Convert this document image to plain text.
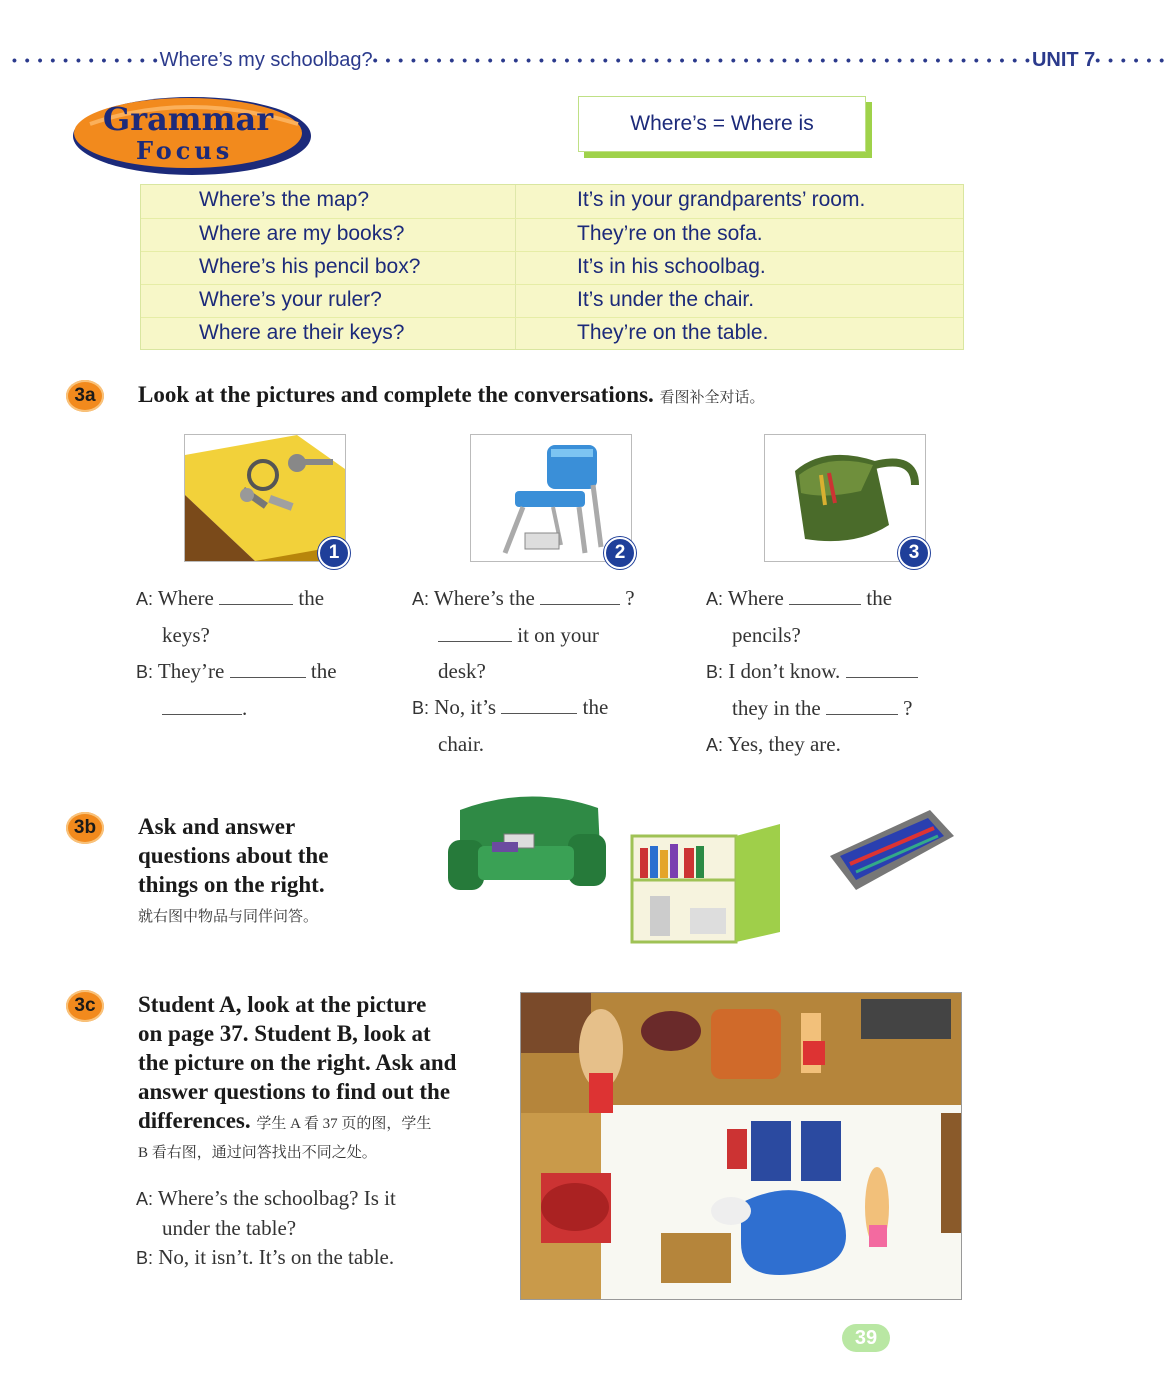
• • • • • • • • • • • • Where’s my schoolbag? • • • • • • • • • • • • • • • • • • • • • • • • • • • • • • • • • • • • • • • • • • • • • • • • • • • • UNIT 7 • • • • • •
Grammar
Focus
Where’s = Where is
Where’s the map?	It’s in your grandparents’ room.
Where are my books?	They’re on the sofa.
Where’s his pencil box?	It’s in his schoolbag.
Where’s your ruler?	It’s under the chair.
Where are their keys?	They’re on the table.
3 a Look at the pictures and complete the conversations. 看图补全对话。
1	2	3
A: Where	the
keys?
B: They’re	the
.
A: Where’s the	?
it on your
desk?
B: No, it’s	the
chair.
A: Where	the
pencils?
B: I don’t know.
they in the	?
A: Yes, they are.
3 b Ask and answer
questions about the
things on the right.
就右图中物品与同伴问答。
3 c Student A, look at the picture
on page 37. Student B, look at
the picture on the right. Ask and
answer questions to find out the
differences. 学生 A 看 37 页的图，学生
B 看右图，通过问答找出不同之处。
A: Where’s the schoolbag? Is it
under the table?
B: No, it isn’t. It’s on the table.
39
